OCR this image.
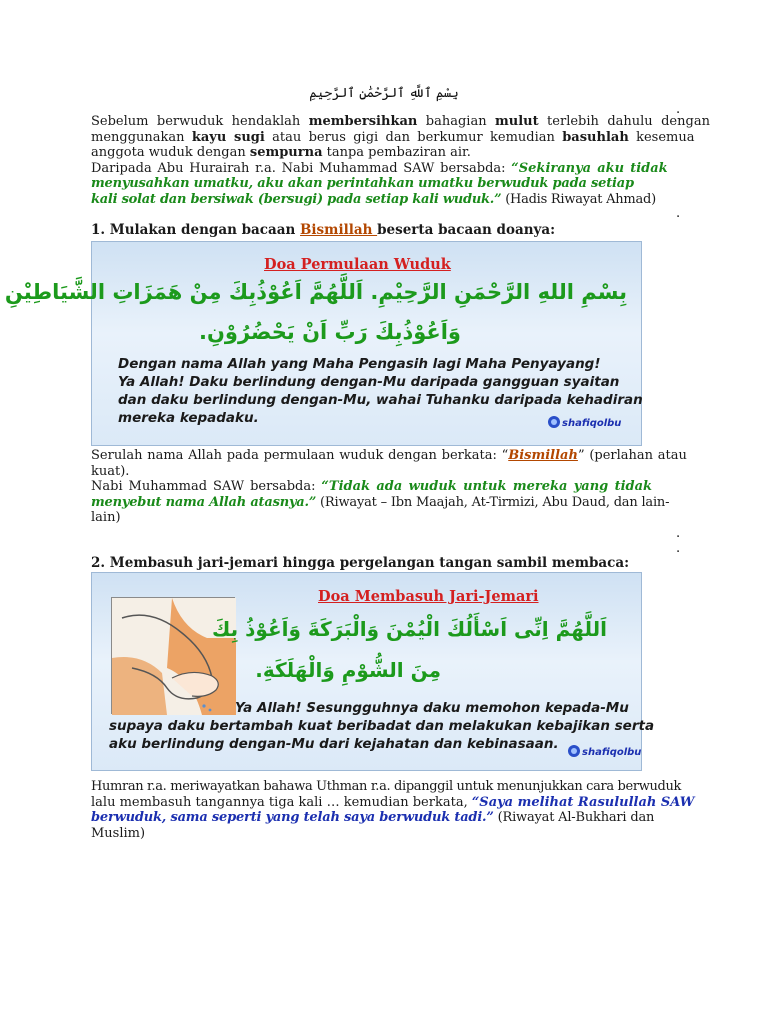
بِسْمِ ٱللَّهِ ٱلرَّحْمَٰنِ ٱلرَّحِيمِ
.
Sebelum berwuduk hendaklah membersihkan bahagian mulut terlebih dahulu dengan
menggunakan kayu sugi atau berus gigi dan berkumur kemudian basuhlah kesemua
anggota wuduk dengan sempurna tanpa pembaziran air.
Daripada Abu Hurairah r.a. Nabi Muhammad SAW bersabda: “Sekiranya aku tidak
menyusahkan umatku, aku akan perintahkan umatku berwuduk pada setiap
kali solat dan bersiwak (bersugi) pada setiap kali wuduk.” (Hadis Riwayat Ahmad)
.
1. Mulakan dengan bacaan Bismillah beserta bacaan doanya:
Doa Permulaan Wuduk
بِسْمِ اللهِ الرَّحْمَنِ الرَّحِيْمِ. اَللَّهُمَّ اَعُوْذُبِكَ مِنْ هَمَزَاتِ الشَّيَاطِيْنِ
وَاَعُوْذُبِكَ رَبِّ اَنْ يَحْضُرُوْنِ.
Dengan nama Allah yang Maha Pengasih lagi Maha Penyayang!
Ya Allah! Daku berlindung dengan-Mu daripada gangguan syaitan
dan daku berlindung dengan-Mu, wahai Tuhanku daripada kehadiran
mereka kepadaku.	shafiqolbu
Serulah nama Allah pada permulaan wuduk dengan berkata: “Bismillah” (perlahan atau
kuat).
Nabi Muhammad SAW bersabda: “Tidak ada wuduk untuk mereka yang tidak
menyebut nama Allah atasnya.” (Riwayat – Ibn Maajah, At-Tirmizi, Abu Daud, dan lain-
lain)
.
.
2. Membasuh jari-jemari hingga pergelangan tangan sambil membaca:
Doa Membasuh Jari-Jemari
اَللَّهُمَّ اِنِّى اَسْأَلُكَ الْيُمْنَ وَالْبَرَكَةَ وَاَعُوْذُ بِكَ
مِنَ الشُّوْمِ وَالْهَلَكَةِ.
Ya Allah! Sesungguhnya daku memohon kepada-Mu
supaya daku bertambah kuat beribadat dan melakukan kebajikan serta
aku berlindung dengan-Mu dari kejahatan dan kebinasaan.
shafiqolbu
Humran r.a. meriwayatkan bahawa Uthman r.a. dipanggil untuk menunjukkan cara berwuduk
lalu membasuh tangannya tiga kali … kemudian berkata, “Saya melihat Rasulullah SAW
berwuduk, sama seperti yang telah saya berwuduk tadi.” (Riwayat Al-Bukhari dan
Muslim)
